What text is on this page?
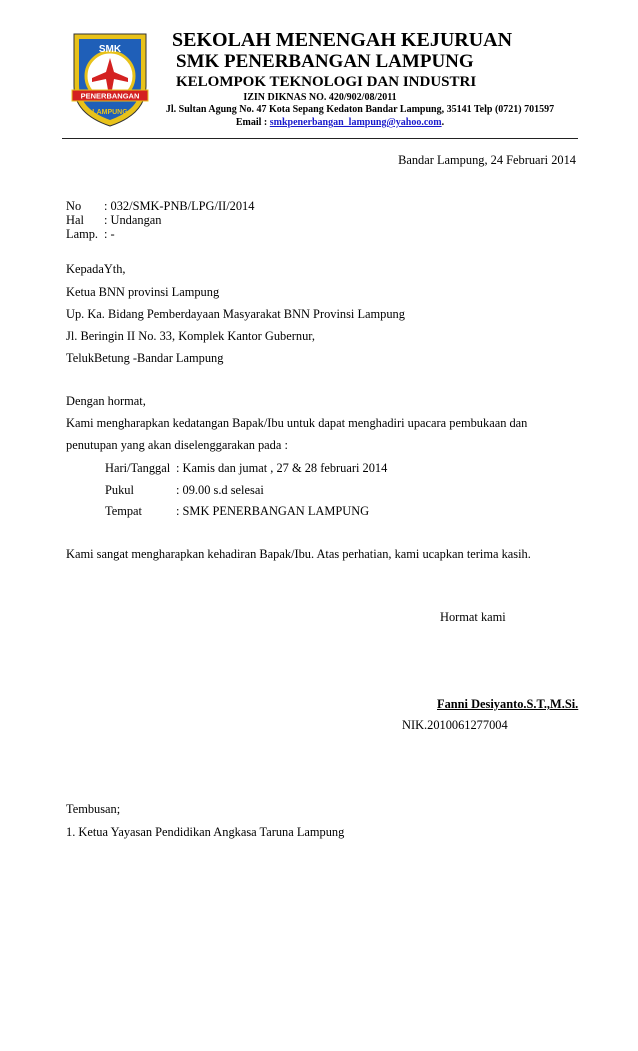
SMK
PENERBANGAN
LAMPUNG
SEKOLAH MENENGAH KEJURUAN
SMK PENERBANGAN LAMPUNG
KELOMPOK TEKNOLOGI DAN INDUSTRI
IZIN DIKNAS NO. 420/902/08/2011
Jl. Sultan Agung No. 47 Kota Sepang Kedaton Bandar Lampung, 35141 Telp (0721) 701597
Email : smkpenerbangan_lampung@yahoo.com.
Bandar Lampung, 24 Februari 2014
No : 032/SMK-PNB/LPG/II/2014
Hal : Undangan
Lamp. : -
KepadaYth,
Ketua BNN provinsi Lampung
Up. Ka. Bidang Pemberdayaan Masyarakat BNN Provinsi Lampung
Jl. Beringin II No. 33, Komplek Kantor Gubernur,
TelukBetung -Bandar Lampung
Dengan hormat,
Kami mengharapkan kedatangan Bapak/Ibu untuk dapat menghadiri upacara pembukaan dan
penutupan yang akan diselenggarakan pada :
Hari/Tanggal : Kamis dan jumat , 27 & 28 februari 2014
Pukul	: 09.00 s.d selesai
Tempat	: SMK PENERBANGAN LAMPUNG
Kami sangat mengharapkan kehadiran Bapak/Ibu. Atas perhatian, kami ucapkan terima kasih.
Hormat kami
Fanni Desiyanto.S.T.,M.Si.
NIK.2010061277004
Tembusan;
1. Ketua Yayasan Pendidikan Angkasa Taruna Lampung
